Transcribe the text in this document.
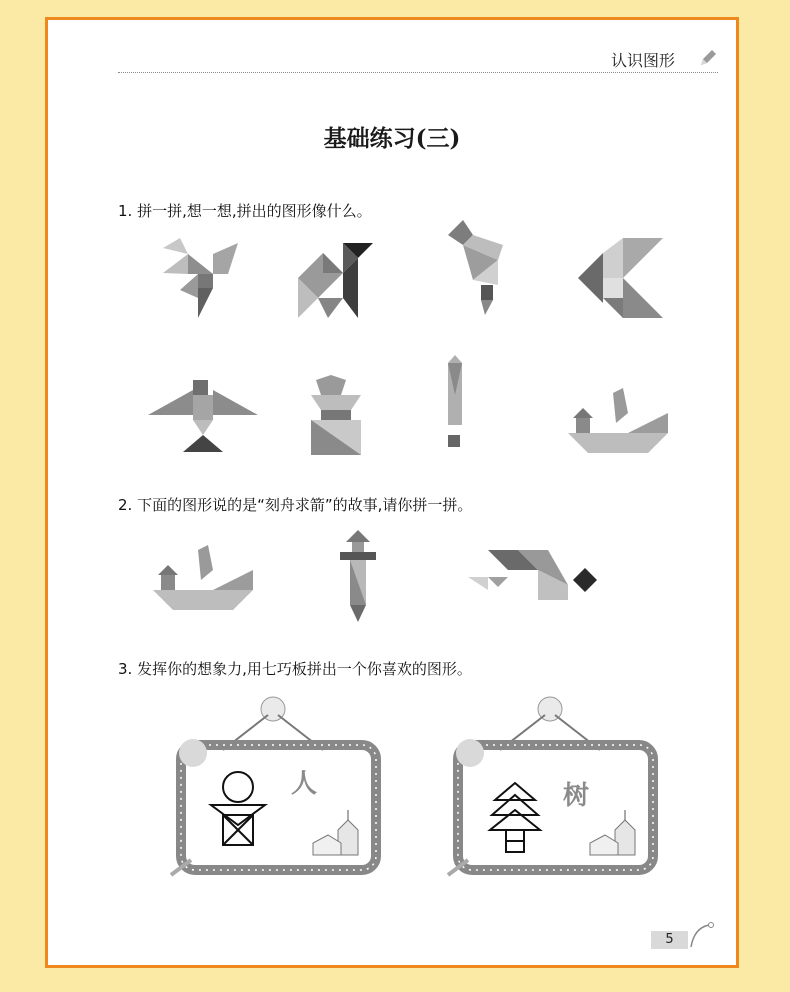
认识图形
基础练习(三)
1. 拼一拼,想一想,拼出的图形像什么。
2. 下面的图形说的是“刻舟求箭”的故事,请你拼一拼。
3. 发挥你的想象力,用七巧板拼出一个你喜欢的图形。
人	树
5
